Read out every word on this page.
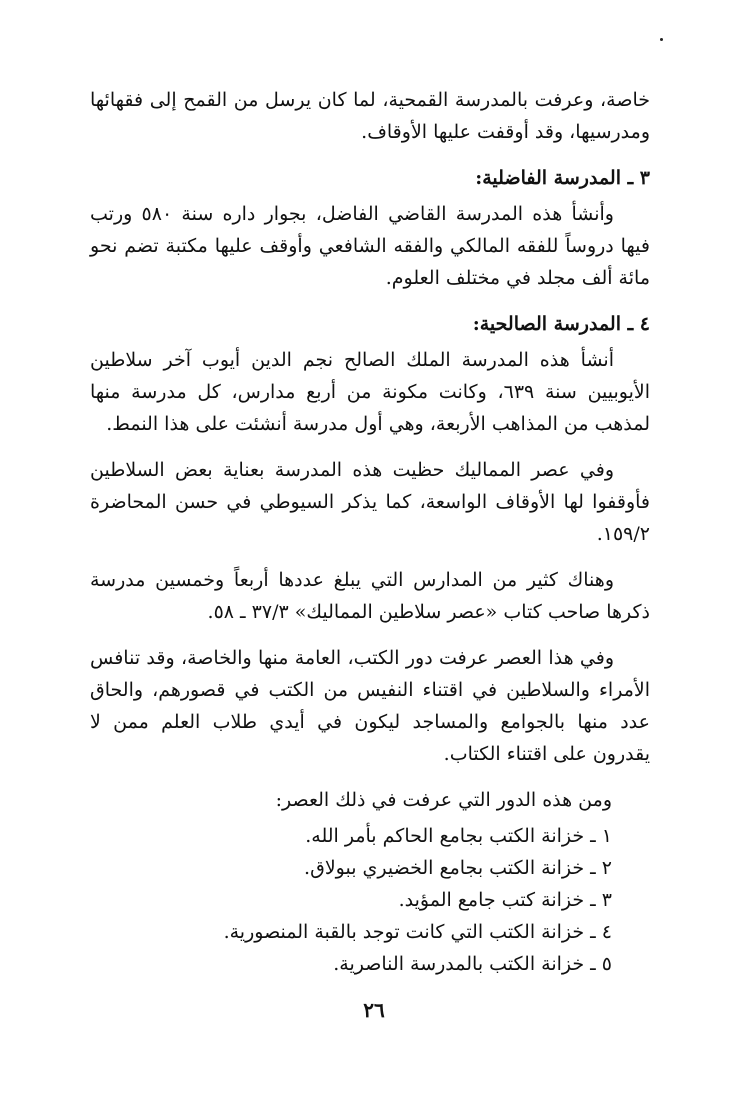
خاصة، وعرفت بالمدرسة القمحية، لما كان يرسل من القمح إلى فقهائها ومدرسيها، وقد أوقفت عليها الأوقاف.

٣ ـ المدرسة الفاضلية:

وأنشأ هذه المدرسة القاضي الفاضل، بجوار داره سنة ٥٨٠ ورتب فيها دروساً للفقه المالكي والفقه الشافعي وأوقف عليها مكتبة تضم نحو مائة ألف مجلد في مختلف العلوم.

٤ ـ المدرسة الصالحية:

أنشأ هذه المدرسة الملك الصالح نجم الدين أيوب آخر سلاطين الأيوبيين سنة ٦٣٩، وكانت مكونة من أربع مدارس، كل مدرسة منها لمذهب من المذاهب الأربعة، وهي أول مدرسة أنشئت على هذا النمط.

وفي عصر المماليك حظيت هذه المدرسة بعناية بعض السلاطين فأوقفوا لها الأوقاف الواسعة، كما يذكر السيوطي في حسن المحاضرة ١٥٩/٢.

وهناك كثير من المدارس التي يبلغ عددها أربعاً وخمسين مدرسة ذكرها صاحب كتاب «عصر سلاطين المماليك» ٣٧/٣ ـ ٥٨.

وفي هذا العصر عرفت دور الكتب، العامة منها والخاصة، وقد تنافس الأمراء والسلاطين في اقتناء النفيس من الكتب في قصورهم، والحاق عدد منها بالجوامع والمساجد ليكون في أيدي طلاب العلم ممن لا يقدرون على اقتناء الكتاب.

ومن هذه الدور التي عرفت في ذلك العصر:

١ ـ خزانة الكتب بجامع الحاكم بأمر الله.
٢ ـ خزانة الكتب بجامع الخضيري ببولاق.
٣ ـ خزانة كتب جامع المؤيد.
٤ ـ خزانة الكتب التي كانت توجد بالقبة المنصورية.
٥ ـ خزانة الكتب بالمدرسة الناصرية.
٢٦
